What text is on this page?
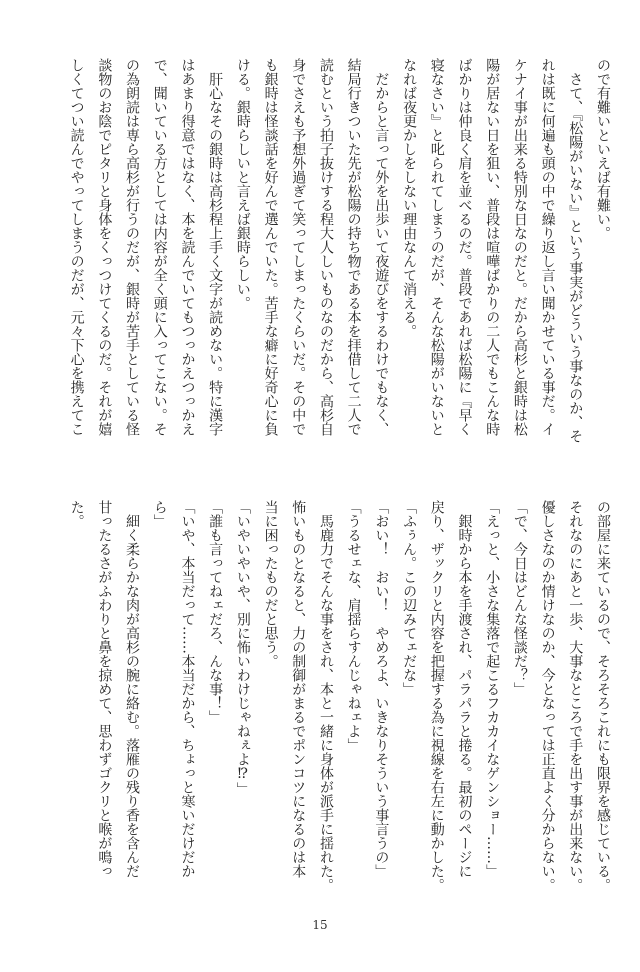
ので有難いといえば有難い。
　さて、『松陽がいない』という事実がどういう事なのか、そ
れは既に何遍も頭の中で繰り返し言い聞かせている事だ。イ
ケナイ事が出来る特別な日なのだと。だから高杉と銀時は松
陽が居ない日を狙い、普段は喧嘩ばかりの二人でもこんな時
ばかりは仲良く肩を並べるのだ。普段であれば松陽に『早く
寝なさい』と叱られてしまうのだが、そんな松陽がいないと
なれば夜更かしをしない理由なんて消える。
　だからと言って外を出歩いて夜遊びをするわけでもなく、
結局行きついた先が松陽の持ち物である本を拝借して二人で
読むという拍子抜けする程大人しいものなのだから、高杉自
身でさえも予想外過ぎて笑ってしまったくらいだ。その中で
も銀時は怪談話を好んで選んでいた。苦手な癖に好奇心に負
ける。銀時らしいと言えば銀時らしい。
　肝心なその銀時は高杉程上手く文字が読めない。特に漢字
はあまり得意ではなく、本を読んでいてもつっかえつっかえ
で、聞いている方としては内容が全く頭に入ってこない。そ
の為朗読は専ら高杉が行うのだが、銀時が苦手としている怪
談物のお陰でピタリと身体をくっつけてくるのだ。それが嬉
しくてつい読んでやってしまうのだが、元々下心を携えてこ
の部屋に来ているので、そろそろこれにも限界を感じている。
それなのにあと一歩、大事なところで手を出す事が出来ない。
優しさなのか情けなのか、今となっては正直よく分からない。
「で、今日はどんな怪談だ？」
「えっと、小さな集落で起こるフカカイなゲンショー……」
　銀時から本を手渡され、パラパラと捲る。最初のページに
戻り、ザックリと内容を把握する為に視線を右左に動かした。
「ふぅん。この辺みてェだな」
「おい！　おい！　やめろよ、いきなりそういう事言うの」
「うるせェな、肩揺らすんじゃねェよ」
　馬鹿力でそんな事をされ、本と一緒に身体が派手に揺れた。
怖いものとなると、力の制御がまるでポンコツになるのは本
当に困ったものだと思う。
「いやいやいや、別に怖いわけじゃねぇよ⁉」
「誰も言ってねェだろ、んな事！」
「いや、本当だって……本当だから、ちょっと寒いだけだか
ら」
　細く柔らかな肉が高杉の腕に絡む。落雁の残り香を含んだ
甘ったるさがふわりと鼻を掠めて、思わずゴクリと喉が鳴っ
た。
15
